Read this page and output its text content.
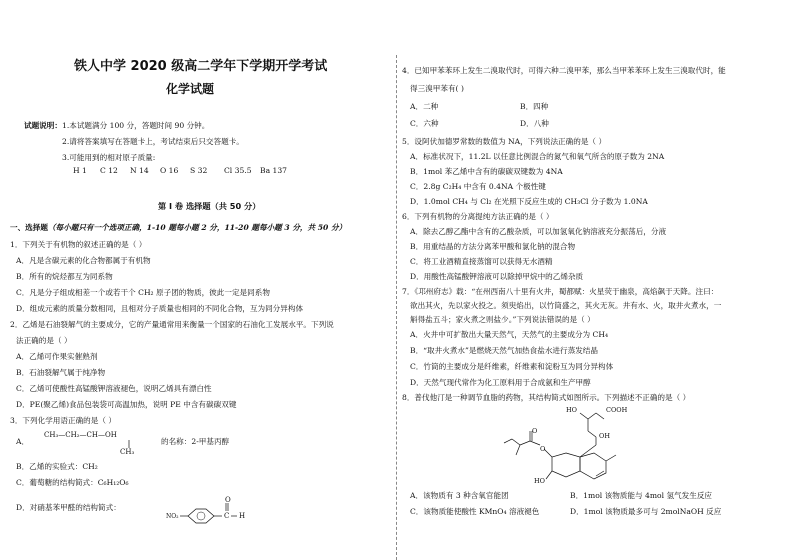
铁人中学 2020 级高二学年下学期开学考试
化学试题
试题说明： 1.本试题满分 100 分，答题时间 90 分钟。
2.请将答案填写在答题卡上，考试结束后只交答题卡。
3.可能用到的相对原子质量:
H 1 C 12 N 14 O 16 S 32 Cl 35.5 Ba 137
第 I 卷 选择题（共 50 分）
一、选择题（每小题只有一个选项正确，1-10 题每小题 2 分，11-20 题每小题 3 分，共 50 分）
1．下列关于有机物的叙述正确的是（ ）
A．凡是含碳元素的化合物都属于有机物
B．所有的烷烃都互为同系物
C．凡是分子组成相差一个或若干个 CH₂ 原子团的物质，彼此一定是同系物
D．组成元素的质量分数相同，且相对分子质量也相同的不同化合物，互为同分异构体
2．乙烯是石油裂解气的主要成分，它的产量通常用来衡量一个国家的石油化工发展水平。下列说
法正确的是（ ）
A．乙烯可作果实催熟剂
B．石油裂解气属于纯净物
C．乙烯可使酸性高锰酸钾溶液褪色，说明乙烯具有漂白性
D．PE(聚乙烯)食品包装袋可高温加热，说明 PE 中含有碳碳双键
3．下列化学用语正确的是（ ）
CH₃—CH₂—CH—OH
A．	的名称：2-甲基丙醇
CH₃
B．乙烯的实验式：CH₂
C．葡萄糖的结构简式：C₆H₁₂O₆
D．对硝基苯甲醛的结构简式：
NO₂	C H
O
4．已知甲苯苯环上发生二溴取代时，可得六种二溴甲苯，那么当甲苯苯环上发生三溴取代时，能
得三溴甲苯有( )
A．二种	B．四种
C．六种	D．八种
5．设阿伏加德罗常数的数值为 NA，下列说法正确的是（ ）
A．标准状况下，11.2L 以任意比例混合的氮气和氧气所含的原子数为 2NA
B．1mol 苯乙烯中含有的碳碳双键数为 4NA
C．2.8g C₂H₄ 中含有 0.4NA 个极性键
D．1.0mol CH₄ 与 Cl₂ 在光照下反应生成的 CH₃Cl 分子数为 1.0NA
6．下列有机物的分离提纯方法正确的是（ ）
A．除去乙醇乙酯中含有的乙酸杂质，可以加氢氧化钠溶液充分振荡后，分液
B．用重结晶的方法分离苯甲酸和氯化钠的混合物
C．将工业酒精直接蒸馏可以获得无水酒精
D．用酸性高锰酸钾溶液可以除掉甲烷中的乙烯杂质
7．《邛州府志》载：“在州西南八十里有火井，蜀都赋：火星荧于幽泉，高焰飙于天降。注曰：
欲出其火，先以家火投之。须臾焰出，以竹筒盛之，其火无灰。井有水、火，取井火煮水，一
斛得盐五斗；家火煮之则盐少。”下列说法错误的是（ ）
A．火井中可扩散出大量天然气，天然气的主要成分为 CH₄
B．“取井火煮水”是燃烧天然气加热食盐水进行蒸发结晶
C．竹筒的主要成分是纤维素，纤维素和淀粉互为同分异构体
D．天然气现代常作为化工原料用于合成氨和生产甲醇
8．普伐他汀是一种调节血脂的药物，其结构简式如图所示。下列描述不正确的是（ ）
HO	COOH
O
OH
O
HO
A．该物质有 3 种含氧官能团	B．1mol 该物质能与 4mol 氢气发生反应
C．该物质能使酸性 KMnO₄ 溶液褪色	D．1mol 该物质最多可与 2molNaOH 反应
